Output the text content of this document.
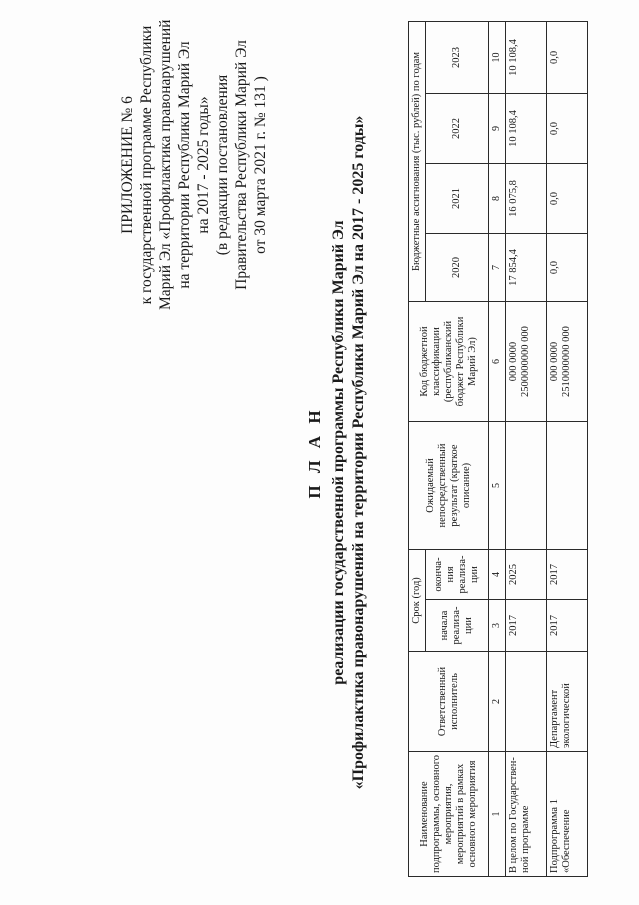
ПРИЛОЖЕНИЕ № 6 к государственной программе Республики Марий Эл «Профилактика правонарушений на территории Республики Марий Эл на 2017 - 2025 годы» (в редакции постановления Правительства Республики Марий Эл от 30 марта 2021 г. № 131 )
П Л А Н реализации государственной программы Республики Марий Эл «Профилактика правонарушений на территории Республики Марий Эл на 2017 - 2025 годы»
Наименование подпрограммы, основного мероприятия, мероприятий в рамках основного мероприятия	Ответственный исполнитель	Срок (год)		Ожидаемый непосредственный результат (краткое описание)	Код бюджетной классификации (республиканский бюджет Республики Марий Эл)	Бюджетные ассигнования (тыс. рублей) по годам			
		начала реализа-ции	оконча-ния реализа-ции			2020	2021	2022	2023
1	2	3	4	5	6	7	8	9	10
В целом по Государствен-ной программе		2017	2025		000 0000 2500000000 000	17 854,4	16 075,8	10 108,4	10 108,4
Подпрограмма 1 «Обеспечение	Департамент экологической	2017	2017		000 0000 2510000000 000	0,0	0,0	0,0	0,0
